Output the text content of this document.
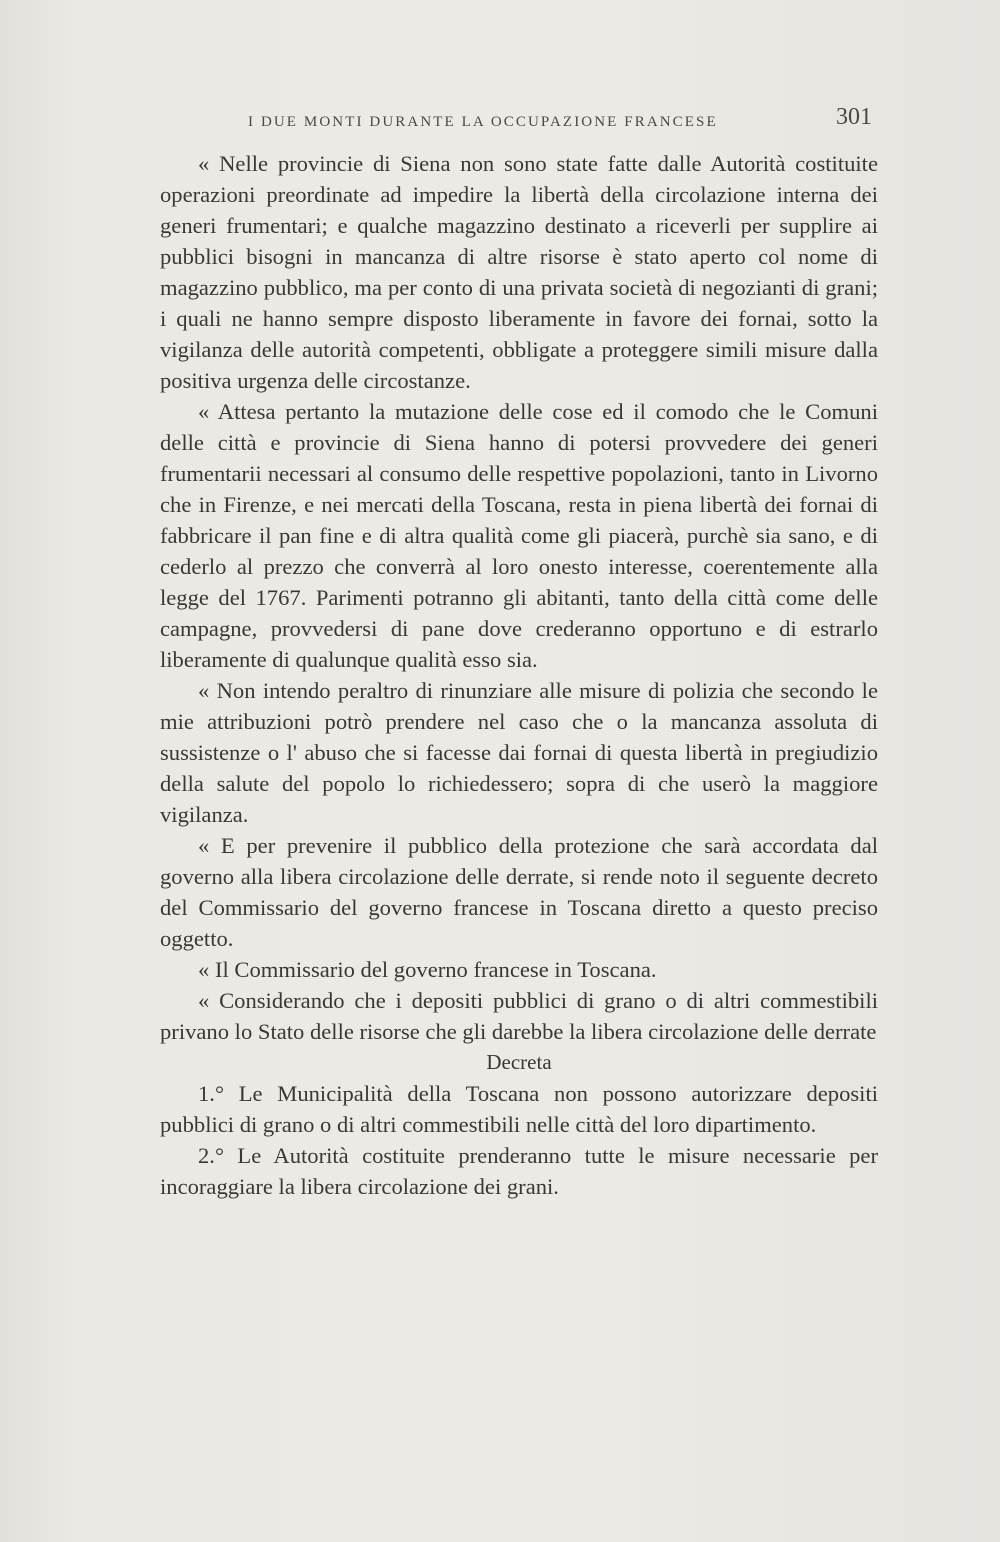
I DUE MONTI DURANTE LA OCCUPAZIONE FRANCESE	301

« Nelle provincie di Siena non sono state fatte dalle Autorità costituite operazioni preordinate ad impedire la libertà della circolazione interna dei generi frumentari; e qualche magazzino destinato a riceverli per supplire ai pubblici bisogni in mancanza di altre risorse è stato aperto col nome di magazzino pubblico, ma per conto di una privata società di negozianti di grani; i quali ne hanno sempre disposto liberamente in favore dei fornai, sotto la vigilanza delle autorità competenti, obbligate a proteggere simili misure dalla positiva urgenza delle circostanze.

« Attesa pertanto la mutazione delle cose ed il comodo che le Comuni delle città e provincie di Siena hanno di potersi provvedere dei generi frumentarii necessari al consumo delle respettive popolazioni, tanto in Livorno che in Firenze, e nei mercati della Toscana, resta in piena libertà dei fornai di fabbricare il pan fine e di altra qualità come gli piacerà, purchè sia sano, e di cederlo al prezzo che converrà al loro onesto interesse, coerentemente alla legge del 1767. Parimenti potranno gli abitanti, tanto della città come delle campagne, provvedersi di pane dove crederanno opportuno e di estrarlo liberamente di qualunque qualità esso sia.

« Non intendo peraltro di rinunziare alle misure di polizia che secondo le mie attribuzioni potrò prendere nel caso che o la mancanza assoluta di sussistenze o l' abuso che si facesse dai fornai di questa libertà in pregiudizio della salute del popolo lo richiedessero; sopra di che userò la maggiore vigilanza.

« E per prevenire il pubblico della protezione che sarà accordata dal governo alla libera circolazione delle derrate, si rende noto il seguente decreto del Commissario del governo francese in Toscana diretto a questo preciso oggetto.

« Il Commissario del governo francese in Toscana.

« Considerando che i depositi pubblici di grano o di altri commestibili privano lo Stato delle risorse che gli darebbe la libera circolazione delle derrate

Decreta

1.° Le Municipalità della Toscana non possono autorizzare depositi pubblici di grano o di altri commestibili nelle città del loro dipartimento.

2.° Le Autorità costituite prenderanno tutte le misure necessarie per incoraggiare la libera circolazione dei grani.
